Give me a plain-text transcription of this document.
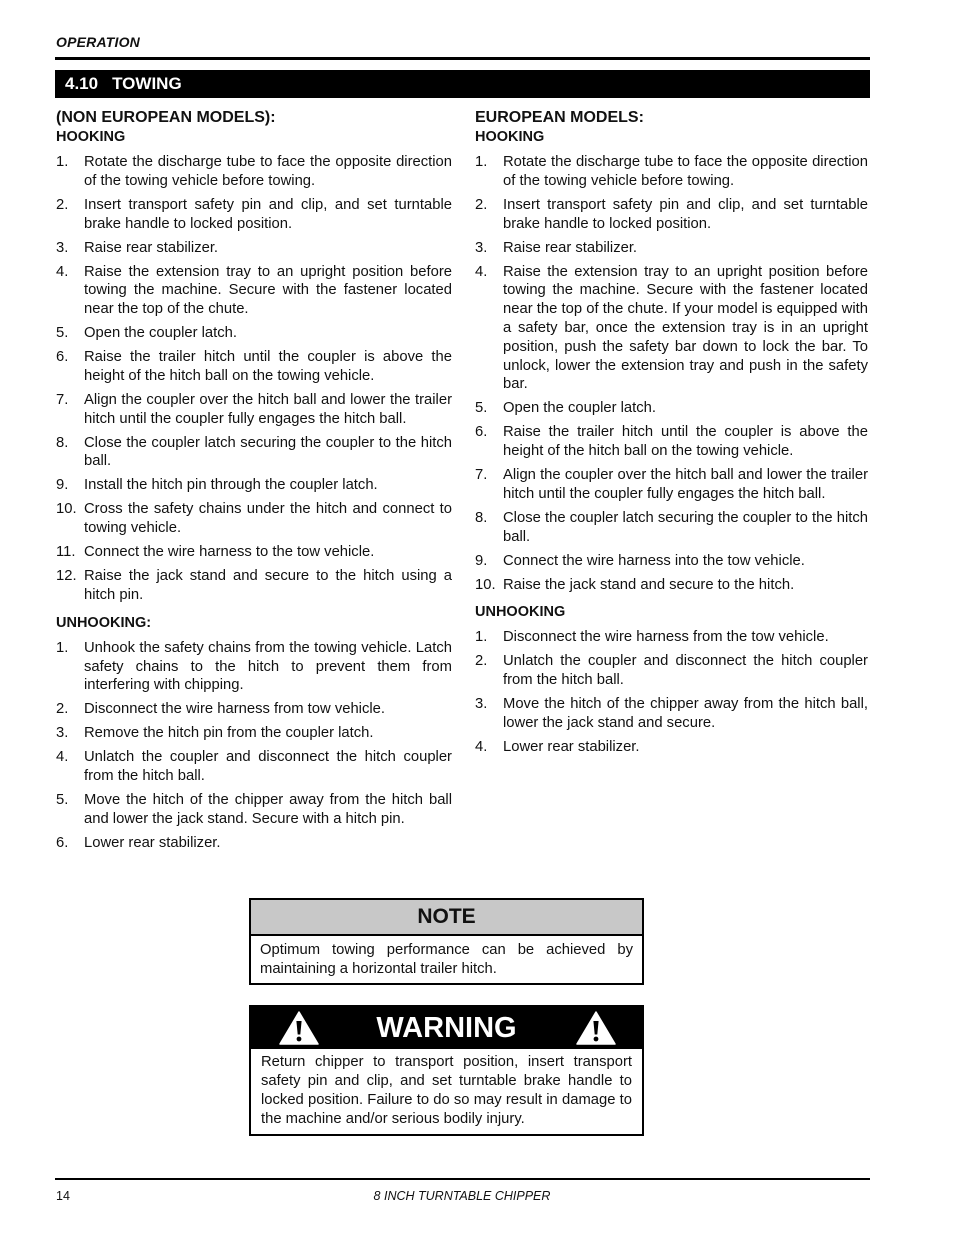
OPERATION
4.10 TOWING
(NON EUROPEAN MODELS):
HOOKING
1.	Rotate the discharge tube to face the opposite direction of the towing vehicle before towing.
2.	Insert transport safety pin and clip, and set turntable brake handle to locked position.
3.	Raise rear stabilizer.
4.	Raise the extension tray to an upright position before towing the machine. Secure with the fastener located near the top of the chute.
5.	Open the coupler latch.
6.	Raise the trailer hitch until the coupler is above the height of the hitch ball on the towing vehicle.
7.	Align the coupler over the hitch ball and lower the trailer hitch until the coupler fully engages the hitch ball.
8.	Close the coupler latch securing the coupler to the hitch ball.
9.	Install the hitch pin through the coupler latch.
10. Cross the safety chains under the hitch and connect to towing vehicle.
11. Connect the wire harness to the tow vehicle.
12. Raise the jack stand and secure to the hitch using a hitch pin.
UNHOOKING:
1.	Unhook the safety chains from the towing vehicle. Latch safety chains to the hitch to prevent them from interfering with chipping.
2.	Disconnect the wire harness from tow vehicle.
3.	Remove the hitch pin from the coupler latch.
4.	Unlatch the coupler and disconnect the hitch coupler from the hitch ball.
5.	Move the hitch of the chipper away from the hitch ball and lower the jack stand. Secure with a hitch pin.
6.	Lower rear stabilizer.
EUROPEAN MODELS:
HOOKING
1.	Rotate the discharge tube to face the opposite direction of the towing vehicle before towing.
2.	Insert transport safety pin and clip, and set turntable brake handle to locked position.
3.	Raise rear stabilizer.
4.	Raise the extension tray to an upright position before towing the machine. Secure with the fastener located near the top of the chute. If your model is equipped with a safety bar, once the extension tray is in an upright position, push the safety bar down to lock the bar. To unlock, lower the extension tray and push in the safety bar.
5.	Open the coupler latch.
6.	Raise the trailer hitch until the coupler is above the height of the hitch ball on the towing vehicle.
7.	Align the coupler over the hitch ball and lower the trailer hitch until the coupler fully engages the hitch ball.
8.	Close the coupler latch securing the coupler to the hitch ball.
9.	Connect the wire harness into the tow vehicle.
10. Raise the jack stand and secure to the hitch.
UNHOOKING
1.	Disconnect the wire harness from the tow vehicle.
2.	Unlatch the coupler and disconnect the hitch coupler from the hitch ball.
3.	Move the hitch of the chipper away from the hitch ball, lower the jack stand and secure.
4.	Lower rear stabilizer.
NOTE
Optimum towing performance can be achieved by maintaining a horizontal trailer hitch.
WARNING
Return chipper to transport position, insert transport safety pin and clip, and set turntable brake handle to locked position. Failure to do so may result in damage to the machine and/or serious bodily injury.
14	8 INCH TURNTABLE CHIPPER
